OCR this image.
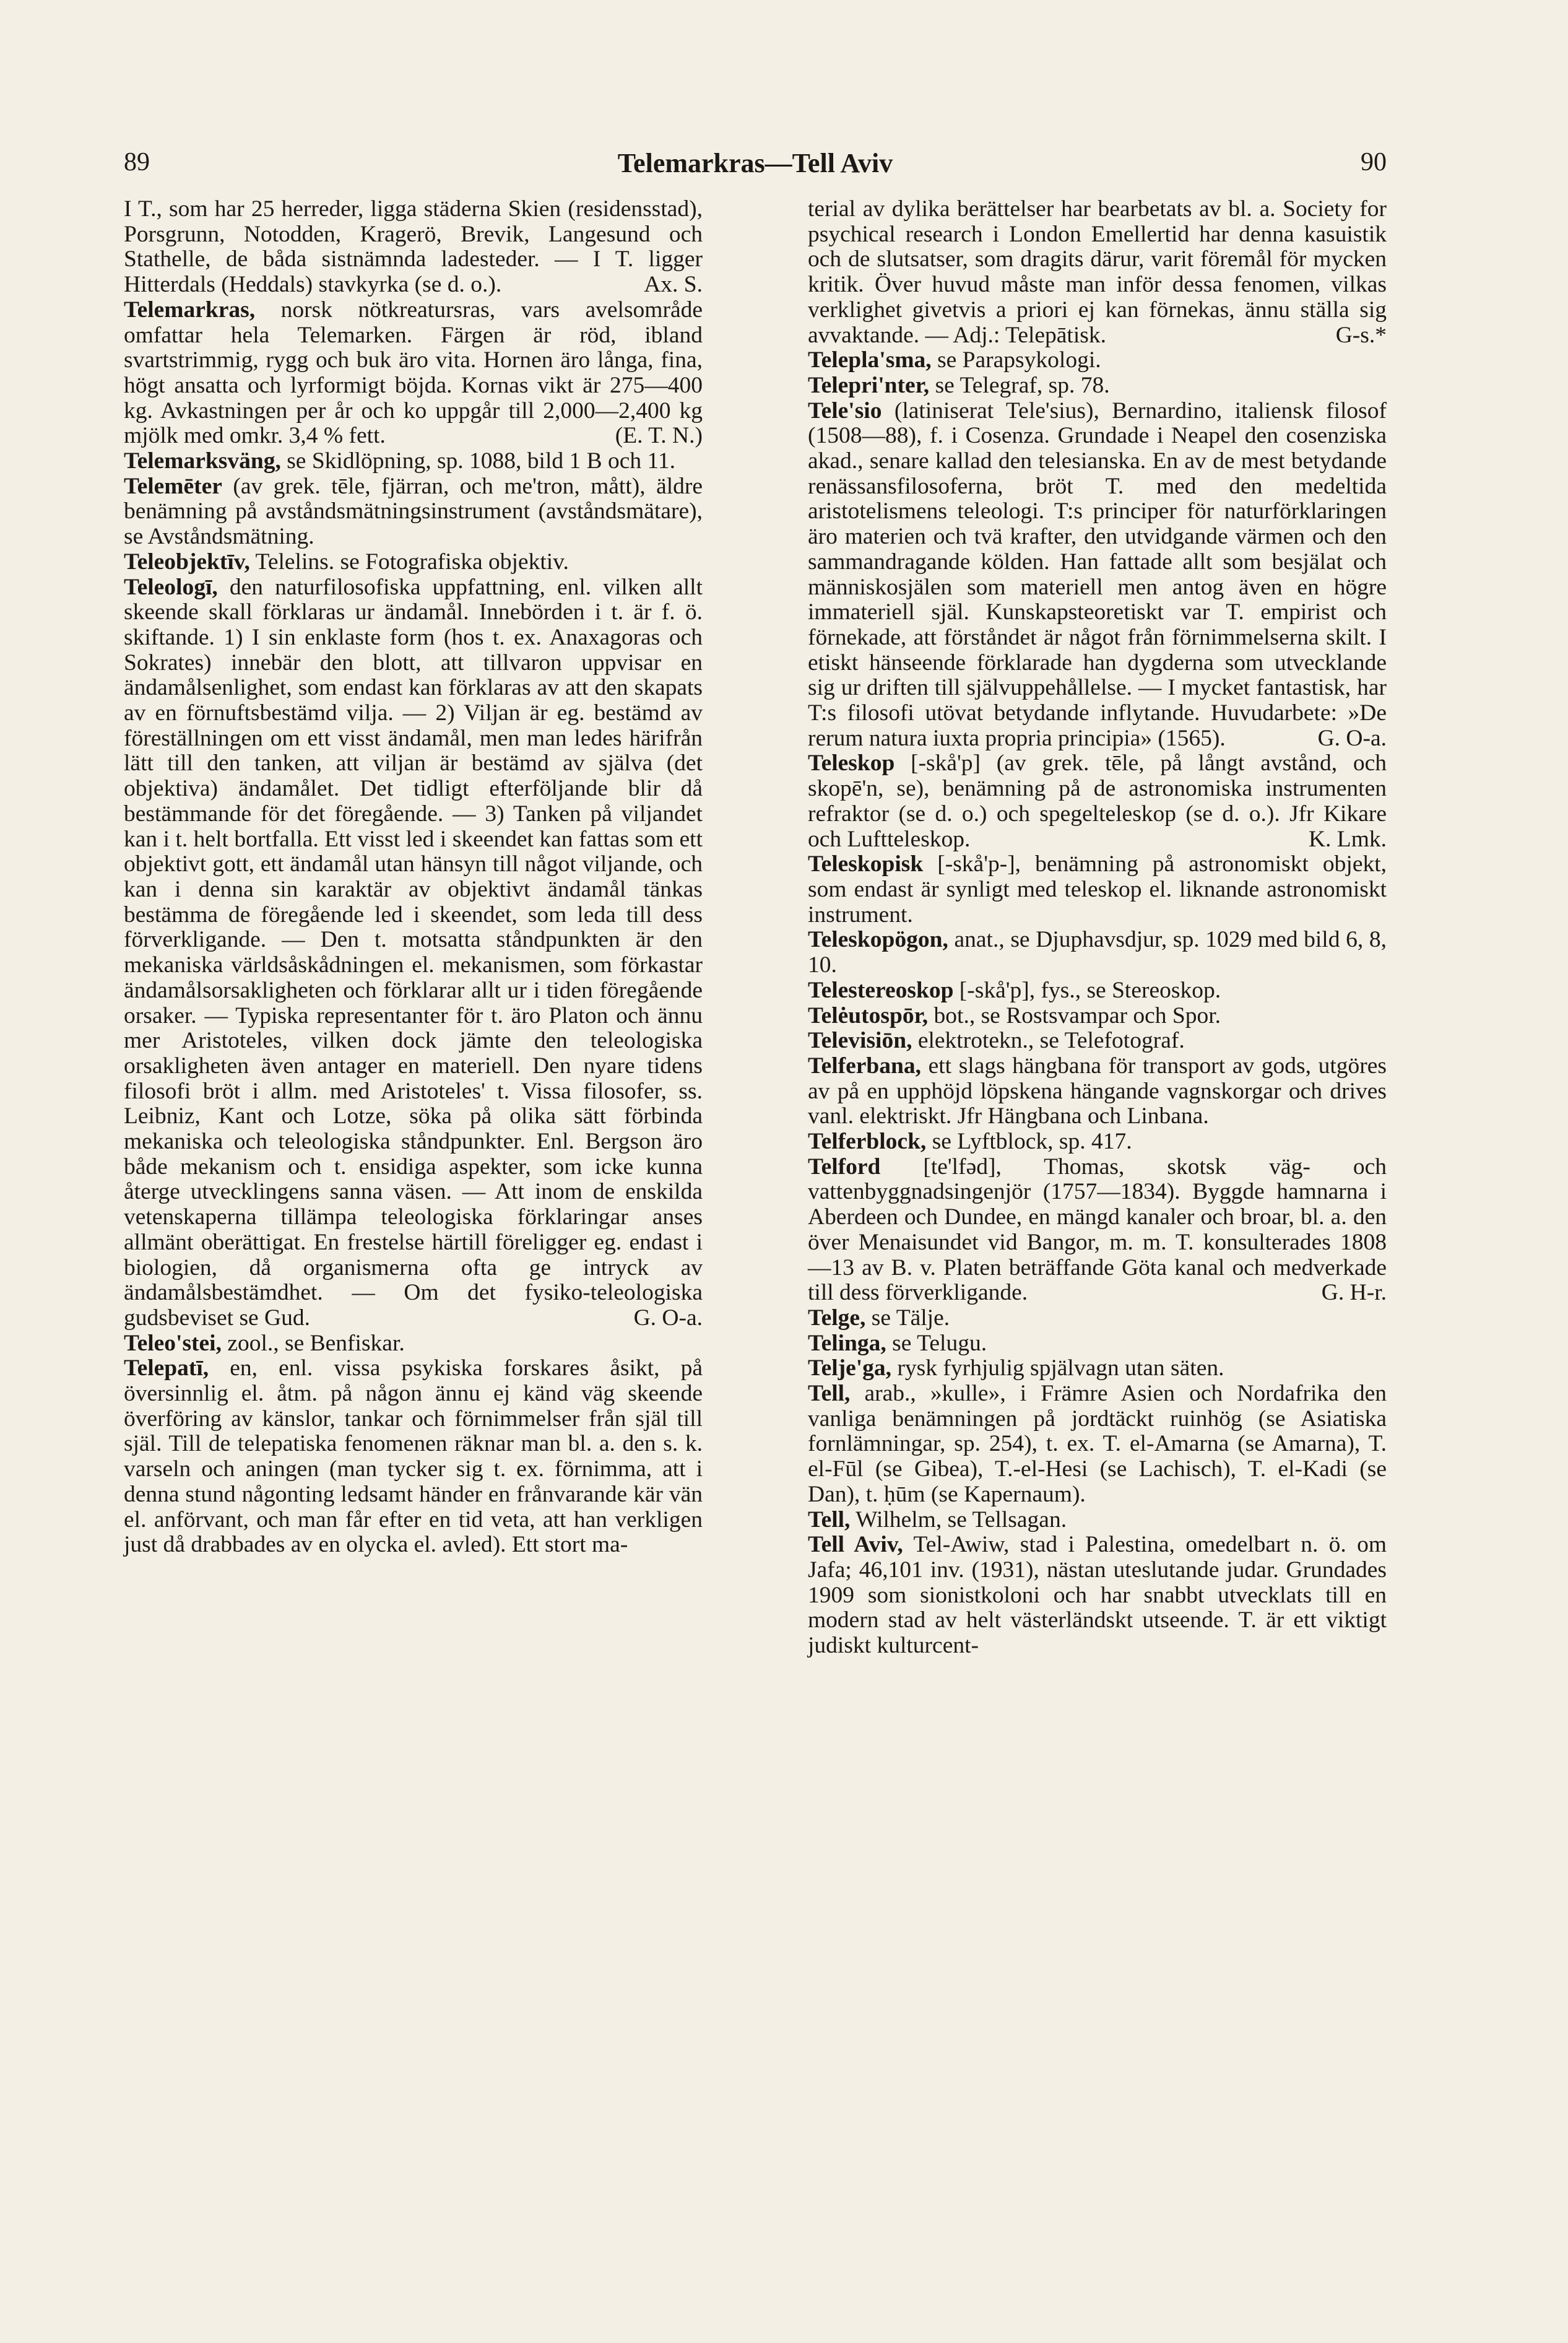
89	Telemarkras—Tell Aviv	90

I T., som har 25 herreder, ligga städerna Skien (residensstad), Porsgrunn, Notodden, Kragerö, Brevik, Langesund och Stathelle, de båda sistnämnda ladesteder. — I T. ligger Hitterdals (Heddals) stavkyrka (se d. o.).	Ax. S.

Telemarkras, norsk nötkreatursras, vars avelsområde omfattar hela Telemarken. Färgen är röd, ibland svartstrimmig, rygg och buk äro vita. Hornen äro långa, fina, högt ansatta och lyrformigt böjda. Kornas vikt är 275—400 kg. Avkastningen per år och ko uppgår till 2,000—2,400 kg mjölk med omkr. 3,4 % fett.	(E. T. N.)

Telemarksväng, se Skidlöpning, sp. 1088, bild 1 B och 11.

Telemēter (av grek. tēle, fjärran, och me'tron, mått), äldre benämning på avståndsmätningsinstrument (avståndsmätare), se Avståndsmätning.

Teleobjektīv, Telelins. se Fotografiska objektiv.

Teleologī, den naturfilosofiska uppfattning, enl. vilken allt skeende skall förklaras ur ändamål. Innebörden i t. är f. ö. skiftande. 1) I sin enklaste form (hos t. ex. Anaxagoras och Sokrates) innebär den blott, att tillvaron uppvisar en ändamålsenlighet, som endast kan förklaras av att den skapats av en förnuftsbestämd vilja. — 2) Viljan är eg. bestämd av föreställningen om ett visst ändamål, men man ledes härifrån lätt till den tanken, att viljan är bestämd av själva (det objektiva) ändamålet. Det tidligt efterföljande blir då bestämmande för det föregående. — 3) Tanken på viljandet kan i t. helt bortfalla. Ett visst led i skeendet kan fattas som ett objektivt gott, ett ändamål utan hänsyn till något viljande, och kan i denna sin karaktär av objektivt ändamål tänkas bestämma de föregående led i skeendet, som leda till dess förverkligande. — Den t. motsatta ståndpunkten är den mekaniska världsåskådningen el. mekanismen, som förkastar ändamålsorsakligheten och förklarar allt ur i tiden föregående orsaker. — Typiska representanter för t. äro Platon och ännu mer Aristoteles, vilken dock jämte den teleologiska orsakligheten även antager en materiell. Den nyare tidens filosofi bröt i allm. med Aristoteles' t. Vissa filosofer, ss. Leibniz, Kant och Lotze, söka på olika sätt förbinda mekaniska och teleologiska ståndpunkter. Enl. Bergson äro både mekanism och t. ensidiga aspekter, som icke kunna återge utvecklingens sanna väsen. — Att inom de enskilda vetenskaperna tillämpa teleologiska förklaringar anses allmänt oberättigat. En frestelse härtill föreligger eg. endast i biologien, då organismerna ofta ge intryck av ändamålsbestämdhet. — Om det fysiko-teleologiska gudsbeviset se Gud.	G. O-a.

Teleo'stei, zool., se Benfiskar.

Telepatī, en, enl. vissa psykiska forskares åsikt, på översinnlig el. åtm. på någon ännu ej känd väg skeende överföring av känslor, tankar och förnimmelser från själ till själ. Till de telepatiska fenomenen räknar man bl. a. den s. k. varseln och aningen (man tycker sig t. ex. förnimma, att i denna stund någonting ledsamt händer en frånvarande kär vän el. anförvant, och man får efter en tid veta, att han verkligen just då drabbades av en olycka el. avled). Ett stort ma-

terial av dylika berättelser har bearbetats av bl. a. Society for psychical research i London Emellertid har denna kasuistik och de slutsatser, som dragits därur, varit föremål för mycken kritik. Över huvud måste man inför dessa fenomen, vilkas verklighet givetvis a priori ej kan förnekas, ännu ställa sig avvaktande. — Adj.: Telepātisk.	G-s.*

Telepla'sma, se Parapsykologi.

Telepri'nter, se Telegraf, sp. 78.

Tele'sio (latiniserat Tele'sius), Bernardino, italiensk filosof (1508—88), f. i Cosenza. Grundade i Neapel den cosenziska akad., senare kallad den telesianska. En av de mest betydande renässansfilosoferna, bröt T. med den medeltida aristotelismens teleologi. T:s principer för naturförklaringen äro materien och tvä krafter, den utvidgande värmen och den sammandragande kölden. Han fattade allt som besjälat och människosjälen som materiell men antog även en högre immateriell själ. Kunskapsteoretiskt var T. empirist och förnekade, att förståndet är något från förnimmelserna skilt. I etiskt hänseende förklarade han dygderna som utvecklande sig ur driften till självuppehållelse. — I mycket fantastisk, har T:s filosofi utövat betydande inflytande. Huvudarbete: »De rerum natura iuxta propria principia» (1565).	G. O-a.

Teleskop [-skå'p] (av grek. tēle, på långt avstånd, och skopē'n, se), benämning på de astronomiska instrumenten refraktor (se d. o.) och spegelteleskop (se d. o.). Jfr Kikare och Luftteleskop.	K. Lmk.

Teleskopisk [-skå'p-], benämning på astronomiskt objekt, som endast är synligt med teleskop el. liknande astronomiskt instrument.

Teleskopögon, anat., se Djuphavsdjur, sp. 1029 med bild 6, 8, 10.

Telestereoskop [-skå'p], fys., se Stereoskop.

Telėutospōr, bot., se Rostsvampar och Spor.

Televisiōn, elektrotekn., se Telefotograf.

Telferbana, ett slags hängbana för transport av gods, utgöres av på en upphöjd löpskena hängande vagnskorgar och drives vanl. elektriskt. Jfr Hängbana och Linbana.

Telferblock, se Lyftblock, sp. 417.

Telford [te'lfəd], Thomas, skotsk väg- och vattenbyggnadsingenjör (1757—1834). Byggde hamnarna i Aberdeen och Dundee, en mängd kanaler och broar, bl. a. den över Menaisundet vid Bangor, m. m. T. konsulterades 1808 —13 av B. v. Platen beträffande Göta kanal och medverkade till dess förverkligande.	G. H-r.

Telge, se Tälje.

Telinga, se Telugu.

Telje'ga, rysk fyrhjulig spjälvagn utan säten.

Tell, arab., »kulle», i Främre Asien och Nordafrika den vanliga benämningen på jordtäckt ruinhög (se Asiatiska fornlämningar, sp. 254), t. ex. T. el-Amarna (se Amarna), T. el-Fūl (se Gibea), T.-el-Hesi (se Lachisch), T. el-Kadi (se Dan), t. ḥūm (se Kapernaum).

Tell, Wilhelm, se Tellsagan.

Tell Aviv, Tel-Awiw, stad i Palestina, omedelbart n. ö. om Jafa; 46,101 inv. (1931), nästan uteslutande judar. Grundades 1909 som sionistkoloni och har snabbt utvecklats till en modern stad av helt västerländskt utseende. T. är ett viktigt judiskt kulturcent-
